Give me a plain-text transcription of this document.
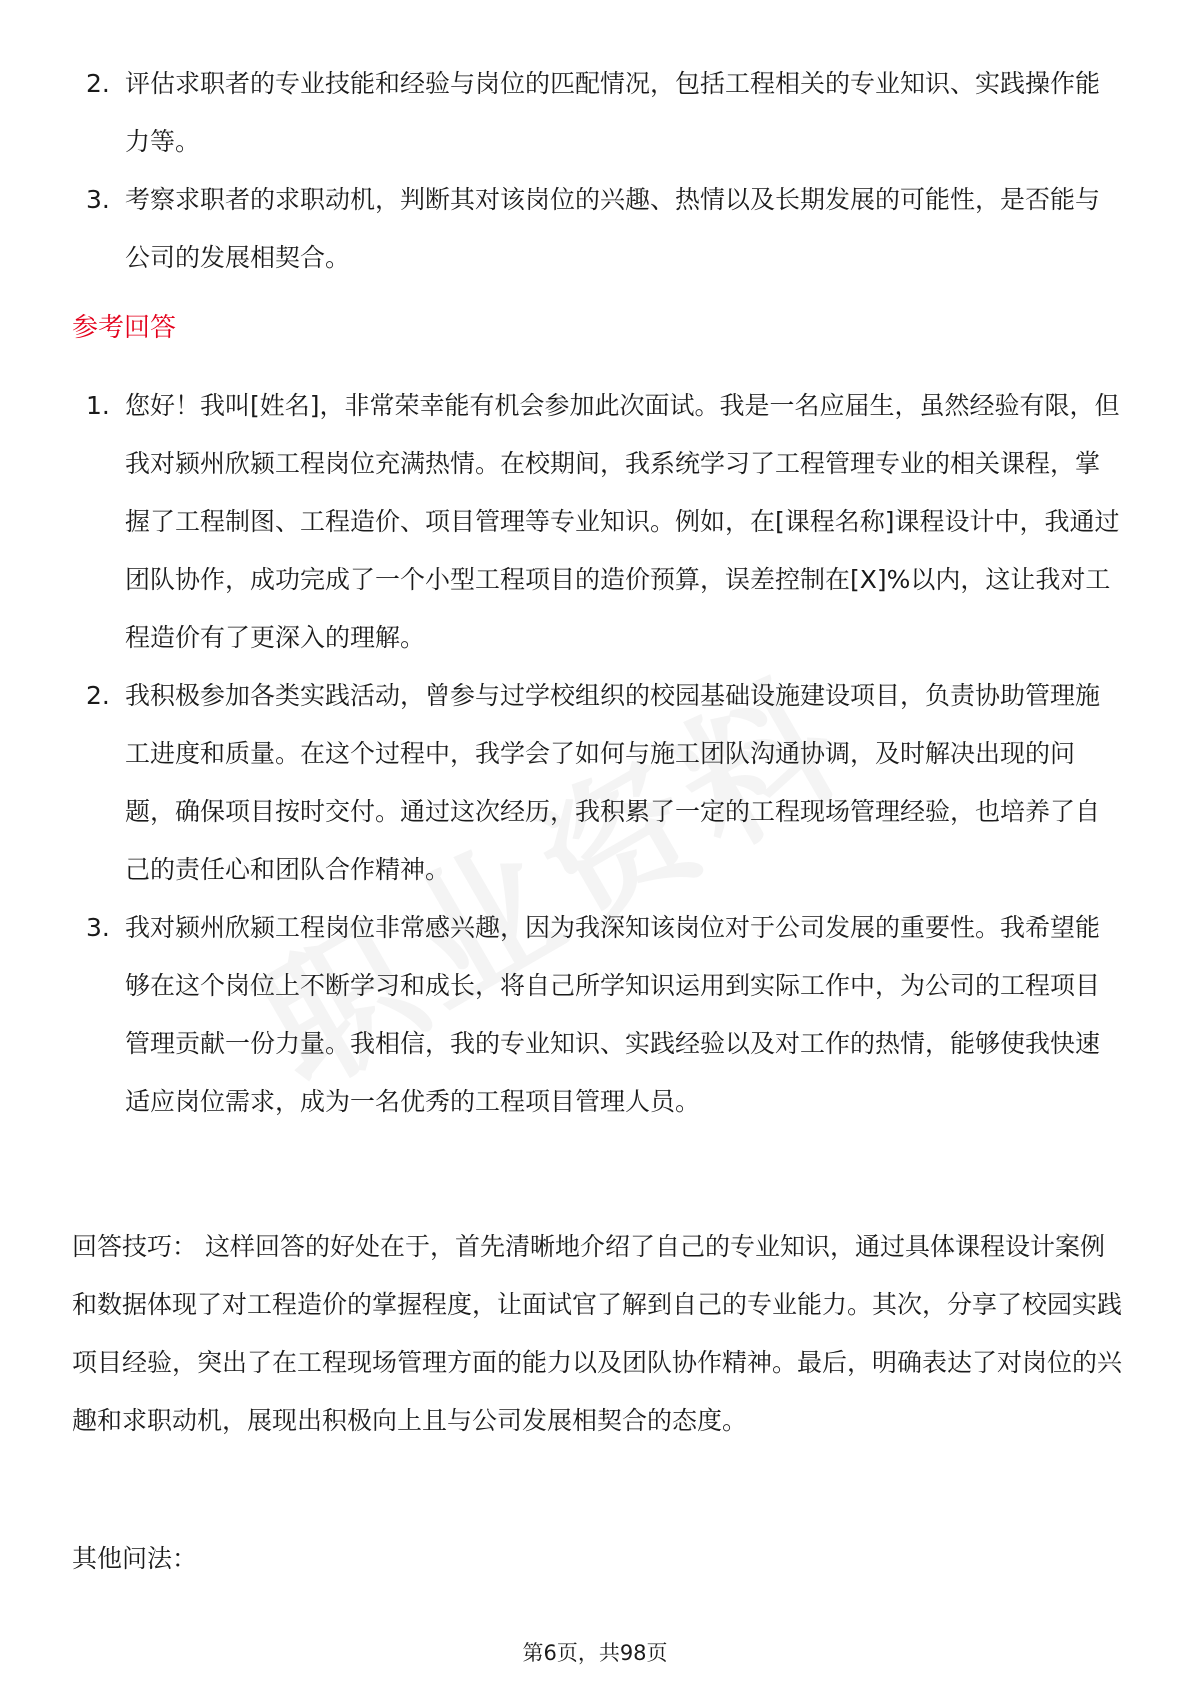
2. 评估求职者的专业技能和经验与岗位的匹配情况，包括工程相关的专业知识、实践操作能力等。
3. 考察求职者的求职动机，判断其对该岗位的兴趣、热情以及长期发展的可能性，是否能与公司的发展相契合。
参考回答
1. 您好！我叫[姓名]，非常荣幸能有机会参加此次面试。我是一名应届生，虽然经验有限，但我对颍州欣颍工程岗位充满热情。在校期间，我系统学习了工程管理专业的相关课程，掌握了工程制图、工程造价、项目管理等专业知识。例如，在[课程名称]课程设计中，我通过团队协作，成功完成了一个小型工程项目的造价预算，误差控制在[X]%以内，这让我对工程造价有了更深入的理解。
2. 我积极参加各类实践活动，曾参与过学校组织的校园基础设施建设项目，负责协助管理施工进度和质量。在这个过程中，我学会了如何与施工团队沟通协调，及时解决出现的问题，确保项目按时交付。通过这次经历，我积累了一定的工程现场管理经验，也培养了自己的责任心和团队合作精神。
3. 我对颍州欣颍工程岗位非常感兴趣，因为我深知该岗位对于公司发展的重要性。我希望能够在这个岗位上不断学习和成长，将自己所学知识运用到实际工作中，为公司的工程项目管理贡献一份力量。我相信，我的专业知识、实践经验以及对工作的热情，能够使我快速适应岗位需求，成为一名优秀的工程项目管理人员。
回答技巧： 这样回答的好处在于，首先清晰地介绍了自己的专业知识，通过具体课程设计案例和数据体现了对工程造价的掌握程度，让面试官了解到自己的专业能力。其次，分享了校园实践项目经验，突出了在工程现场管理方面的能力以及团队协作精神。最后，明确表达了对岗位的兴趣和求职动机，展现出积极向上且与公司发展相契合的态度。
其他问法：
第6页，共98页
